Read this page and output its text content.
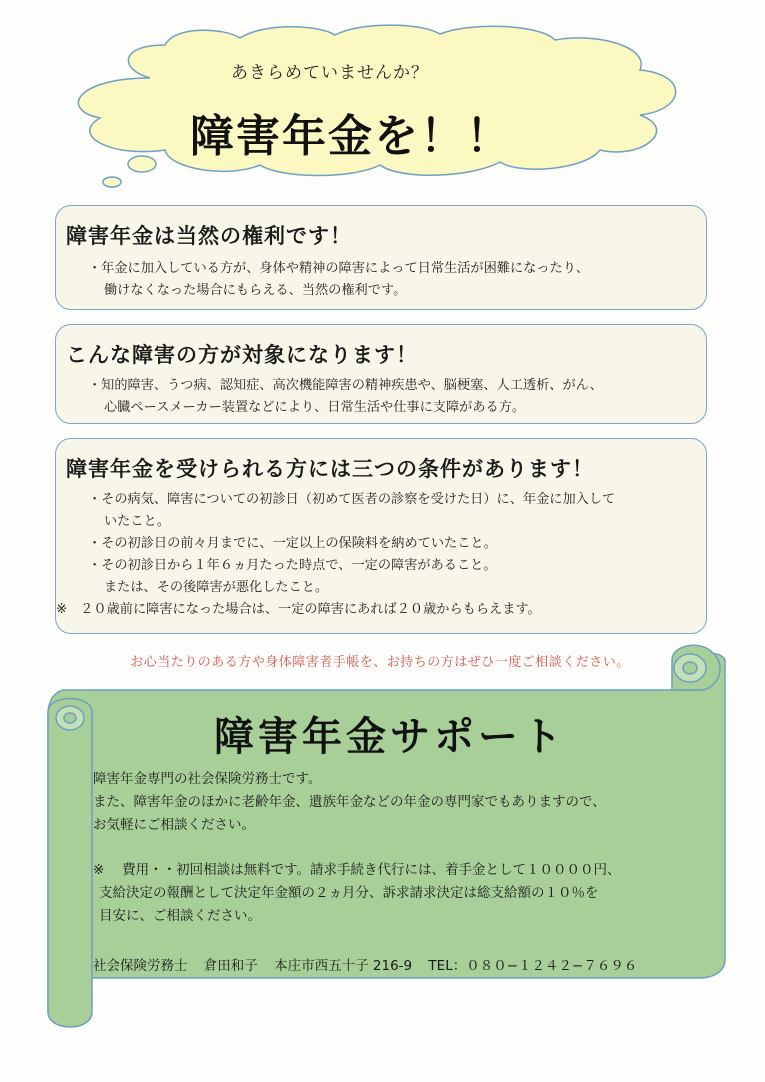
あきらめていませんか？
障害年金を！！
障害年金は当然の権利です！
・年金に加入している方が、身体や精神の障害によって日常生活が困難になったり、
働けなくなった場合にもらえる、当然の権利です。
こんな障害の方が対象になります！
・知的障害、うつ病、認知症、高次機能障害の精神疾患や、脳梗塞、人工透析、がん、
心臓ペースメーカー装置などにより、日常生活や仕事に支障がある方。
障害年金を受けられる方には三つの条件があります！
・その病気、障害についての初診日（初めて医者の診察を受けた日）に、年金に加入して
いたこと。
・その初診日の前々月までに、一定以上の保険料を納めていたこと。
・その初診日から１年６ヵ月たった時点で、一定の障害があること。
または、その後障害が悪化したこと。
※　２０歳前に障害になった場合は、一定の障害にあれば２０歳からもらえます。
お心当たりのある方や身体障害者手帳を、お持ちの方はぜひ一度ご相談ください。
障害年金サポート
障害年金専門の社会保険労務士です。
また、障害年金のほかに老齢年金、遺族年金などの年金の専門家でもありますので、
お気軽にご相談ください。
※　 費用・・初回相談は無料です。請求手続き代行には、着手金として１００００円、
支給決定の報酬として決定年金額の２ヵ月分、訴求請求決定は総支給額の１０％を
目安に、ご相談ください。
社会保険労務士 倉田和子 本庄市西五十子 216-9 TEL：０８０−１２４２−７６９６
